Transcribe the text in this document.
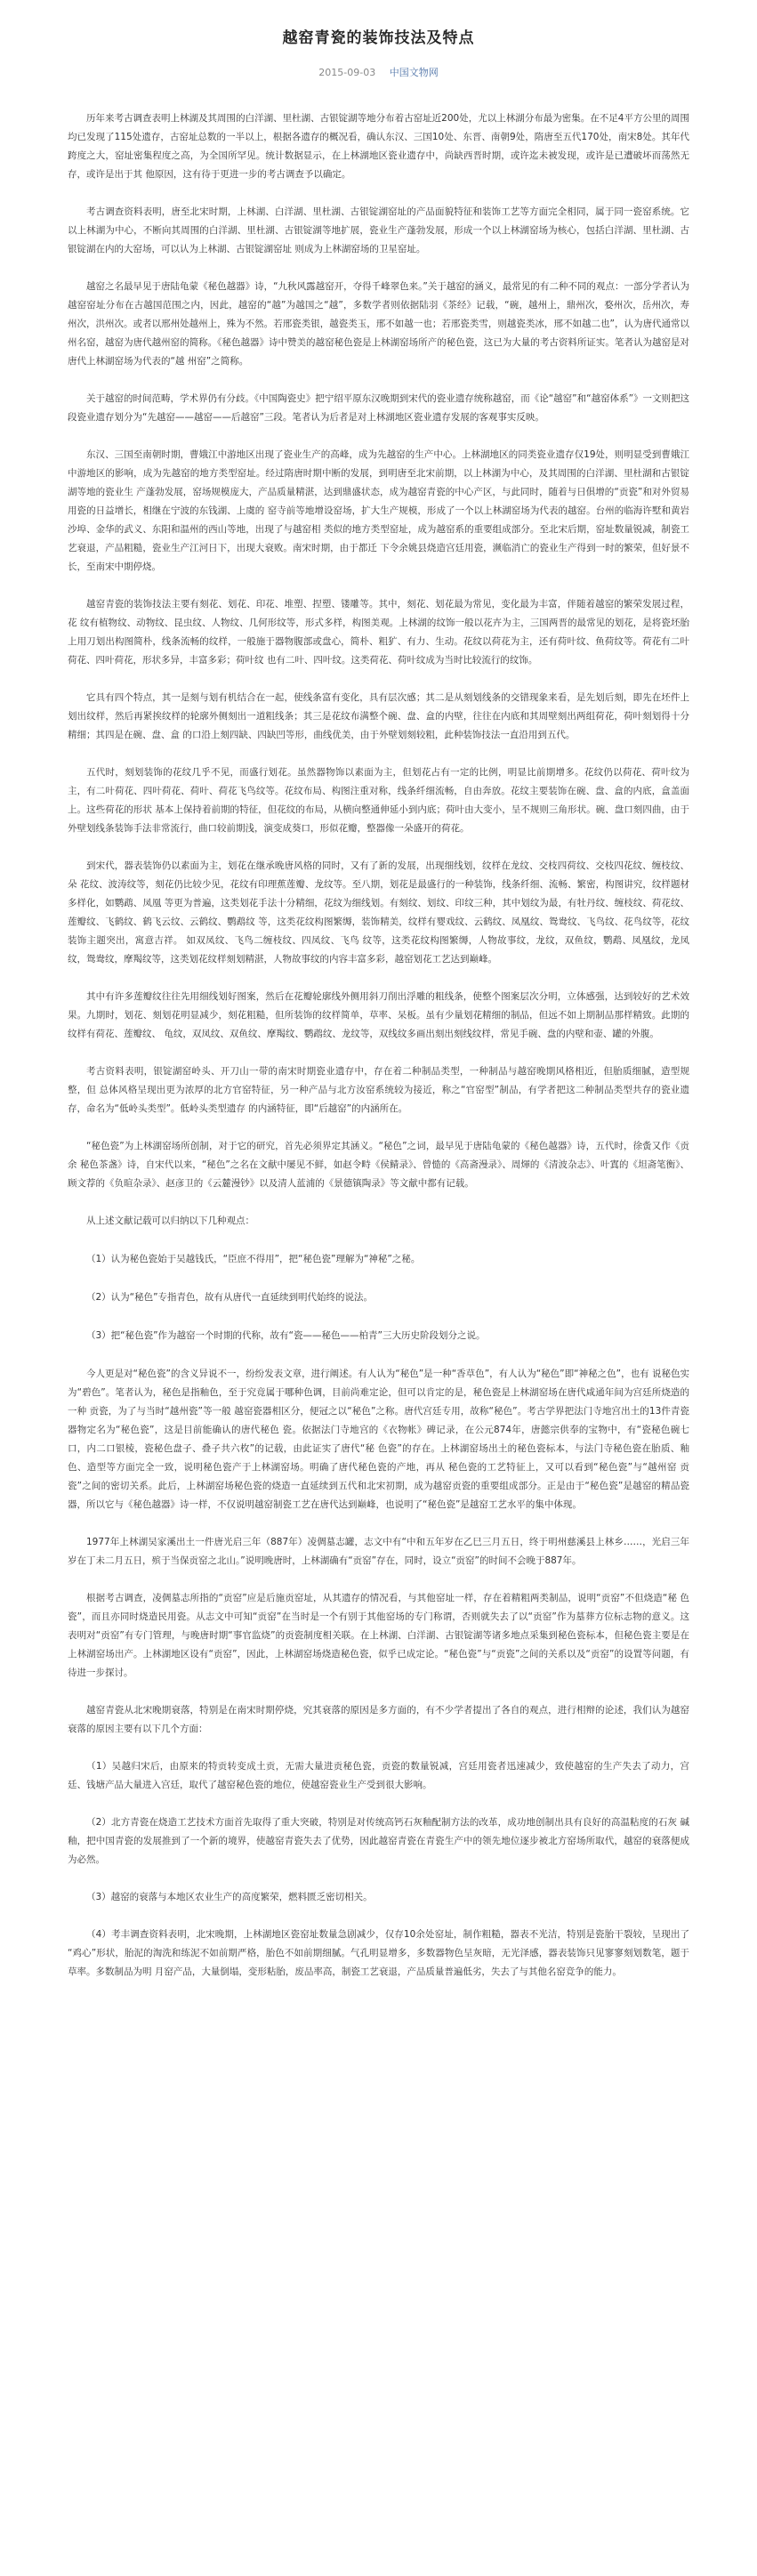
越窑青瓷的装饰技法及特点
2015-09-03 中国文物网

历年来考古调查表明上林湖及其周围的白洋湖、里杜湖、古银锭湖等地分布着古窑址近200处，尤以上林湖分布最为密集。在不足4平方公里的周围均已发现了115处遗存，古窑址总数的一半以上，根据各遗存的概况看，确认东汉、三国10处、东晋、南朝9处，隋唐至五代170处，南宋8处。其年代跨度之大，窑址密集程度之高，为全国所罕见。统计数据显示，在上林湖地区瓷业遗存中，尚缺西晋时期，或许迄未被发现，或许是已遭破坏而荡然无存，或许是出于其 他原因，这有待于更进一步的考古调查予以确定。

考古调查资料表明，唐至北宋时期，上林湖、白洋湖、里杜湖、古银锭湖窑址的产品面貌特征和装饰工艺等方面完全相同，属于同一瓷窑系统。它以上林湖为中心，不断向其周围的白洋湖、里杜湖、古银锭湖等地扩展，瓷业生产蓬勃发展，形成一个以上林湖窑场为核心，包括白洋湖、里杜湖、古银锭湖在内的大窑场，可以认为上林湖、古银锭湖窑址 则成为上林湖窑场的卫星窑址。

越窑之名最早见于唐陆龟蒙《秘色越器》诗，“九秋风露越窑开，夺得千峰翠色来。”关于越窑的涵义，最常见的有二种不同的观点：一部分学者认为越窑窑址分布在古越国范围之内，因此，越窑的“越”为越国之“越”，多数学者则依据陆羽《茶经》记载，“碗，越州上，鼎州次，婺州次，岳州次，寿州次，洪州次。或者以邢州处越州上，殊为不然。若邢瓷类银，越瓷类玉，邢不如越一也；若邢瓷类雪，则越瓷类冰，邢不如越二也”，认为唐代通常以州名窑，越窑为唐代越州窑的简称。《秘色越器》诗中赞美的越窑秘色瓷是上林湖窑场所产的秘色瓷，这已为大量的考古资料所证实。笔者认为越窑是对唐代上林湖窑场为代表的“越 州窑”之简称。

关于越窑的时间范畴，学术界仍有分歧。《中国陶瓷史》把宁绍平原东汉晚期到宋代的瓷业遗存统称越窑，而《论“越窑”和“越窑体系”》一文则把这段瓷业遗存划分为“先越窑——越窑——后越窑”三段。笔者认为后者是对上林湖地区瓷业遗存发展的客观事实反映。

东汉、三国至南朝时期，曹娥江中游地区出现了瓷业生产的高峰，成为先越窑的生产中心。上林湖地区的同类瓷业遗存仅19处，则明显受到曹娥江 中游地区的影响，成为先越窑的地方类型窑址。经过隋唐时期中断的发展，到明唐至北宋前期，以上林湖为中心，及其周围的白洋湖、里杜湖和古银锭湖等地的瓷业生 产蓬勃发展，窑场规模庞大，产品质量精湛，达到鼎盛状态，成为越窑青瓷的中心产区，与此同时，随着与日俱增的“贡瓷”和对外贸易用瓷的日益增长，相继在宁波的东钱湖、上虞的 窑寺前等地增设窑场，扩大生产规模，形成了一个以上林湖窑场为代表的越窑。台州的临海许墅和黄岩沙埠、金华的武义、东阳和温州的西山等地，出现了与越窑相 类似的地方类型窑址，成为越窑系的重要组成部分。至北宋后期，窑址数量锐减，制瓷工艺衰退，产品粗糙，瓷业生产江河日下，出现大衰败。南宋时期，由于都迁 下令余姚县烧造宫廷用瓷，濒临消亡的瓷业生产得到一时的繁荣，但好景不长，至南宋中期停烧。

越窑青瓷的装饰技法主要有刻花、划花、印花、堆塑、捏塑、镂雕等。其中，刻花、划花最为常见，变化最为丰富，伴随着越窑的繁荣发展过程，花 纹有植物纹、动物纹、昆虫纹、人物纹、几何形纹等，形式多样，构图美观。上林湖的纹饰一般以花卉为主，三国两晋的最常见的划花，是将瓷坯胎上用刀划出构图简朴，线条流畅的纹样，一般施于器物腹部或盘心，简朴、粗犷、有力、生动。花纹以荷花为主，还有荷叶纹、鱼荷纹等。荷花有二叶荷花、四叶荷花，形状多异，丰富多彩；荷叶纹 也有二叶、四叶纹。这类荷花、荷叶纹成为当时比较流行的纹饰。

它具有四个特点，其一是刻与划有机结合在一起，使线条富有变化，具有层次感；其二是从刻划线条的交错现象来看，是先划后刻，即先在坯件上 划出纹样，然后再紧挨纹样的轮廓外侧刻出一道粗线条；其三是花纹布满整个碗、盘、盒的内壁，往往在内底和其周壁刻出两组荷花，荷叶刻划得十分精细；其四是在碗、盘、盒 的口沿上刻四缺、四缺凹等形，曲线优美，由于外壁划刻较粗，此种装饰技法一直沿用到五代。

五代时，刻划装饰的花纹几乎不见，而盛行划花。虽然器物饰以素面为主，但划花占有一定的比例，明显比前期增多。花纹仍以荷花、荷叶纹为主，有二叶荷花、四叶荷花、荷叶、荷花飞鸟纹等。花纹布局、构图注重对称，线条纤细流畅，自由奔放。花纹主要装饰在碗、盘、盒的内底，盒盖面上。这些荷花的形状 基本上保持着前期的特征，但花纹的布局，从横向整通伸延小到内底；荷叶由大变小，呈不规则三角形状。碗、盘口刻四曲，由于外壁划线条装饰手法非常流行，曲口较前期浅，演变成葵口，形似花瓣，整器像一朵盛开的荷花。

到宋代，器表装饰仍以素面为主，划花在继承晚唐风格的同时，又有了新的发展，出现细线划，纹样在龙纹、交枝四荷纹、交枝四花纹、缠枝纹、朵 花纹、波涛纹等，刻花仍比较少见，花纹有印理蕉莲瓣、龙纹等。至八期，划花是最盛行的一种装饰，线条纤细、流畅、繁密，构图讲究，纹样题材多样化，如鹦鹉、凤凰 等更为普遍，这类划花手法十分精细，花纹为细线划。有刻纹、划纹、印纹三种，其中划纹为最，有牡丹纹、缠枝纹、荷花纹、莲瓣纹、飞鹤纹、鹤飞云纹、云鹤纹、鹦鹉纹 等，这类花纹构图繁缛，装饰精美，纹样有婴戏纹、云鹤纹、凤凰纹、鸳鸯纹、飞鸟纹、花鸟纹等，花纹装饰主题突出，寓意吉祥。 如双凤纹、飞鸟二缠枝纹、四凤纹、飞鸟 纹等，这类花纹构图繁缛，人物故事纹，龙纹，双鱼纹，鹦鹉、凤凰纹，龙凤纹，鸳鸯纹，摩羯纹等，这类划花纹样刻划精湛，人物故事纹的内容丰富多彩，越窑划花工艺达到巅峰。

其中有许多莲瓣纹往往先用细线划好图案，然后在花瓣轮廓线外侧用斜刀削出浮雕的粗线条，使整个图案层次分明，立体感强，达到较好的艺术效 果。九期时，划花、刻划花明显减少，刻花粗糙，但所装饰的纹样简单，草率、呆板。虽有少量划花精细的制品，但远不如上期制品那样精致。此期的纹样有荷花、莲瓣纹、 龟纹，双凤纹、双鱼纹、摩羯纹、鹦鹉纹、龙纹等，双线纹多画出刻出刻线纹样，常见手碗、盘的内壁和壶、罐的外腹。

考古资料表明，银锭湖窑岭头、开刀山一带的南宋时期瓷业遗存中，存在着二种制品类型，一种制品与越窑晚期风格相近，但胎质细腻，造型规整，但 总体风格呈现出更为浓厚的北方官窑特征，另一种产品与北方汝窑系统较为接近，称之“官窑型”制品，有学者把这二种制品类型共存的瓷业遗存，命名为“低岭头类型”。低岭头类型遗存 的内涵特征，即“后越窑”的内涵所在。

“秘色瓷”为上林湖窑场所创制，对于它的研究，首先必须界定其涵义。“秘色”之词，最早见于唐陆龟蒙的《秘色越器》诗，五代时，徐夤又作《贡余 秘色茶盏》诗，自宋代以来，“秘色”之名在文献中屡见不鲜，如赵令畤《侯鲭录》、曾慥的《高斋漫录》、周煇的《清波杂志》、叶寘的《坦斋笔衡》、顾文荐的《负暄杂录》、赵彦卫的《云麓漫钞》以及清人蓝浦的《景德镇陶录》等文献中都有记载。

从上述文献记载可以归纳以下几种观点：

（1）认为秘色瓷始于吴越钱氏，“臣庶不得用”，把“秘色瓷”理解为“神秘”之秘。

（2）认为“秘色”专指青色，故有从唐代一直延续到明代始终的说法。

（3）把“秘色瓷”作为越窑一个时期的代称，故有“瓷——秘色——柏青”三大历史阶段划分之说。

今人更是对“秘色瓷”的含义异说不一，纷纷发表文章，进行阐述。有人认为“秘色”是一种“香草色”，有人认为“秘色”即“神秘之色”，也有 说秘色实为“碧色”。笔者认为，秘色是指釉色，至于究竟属于哪种色调，目前尚难定论，但可以肯定的是，秘色瓷是上林湖窑场在唐代咸通年间为宫廷所烧造的一种 贡瓷，为了与当时“越州瓷”等一般 越窑瓷器相区分，便冠之以“秘色”之称。唐代宫廷专用，故称“秘色”。考古学界把法门寺地宫出土的13件青瓷器物定名为“秘色瓷”，这是目前能确认的唐代秘色 瓷。依据法门寺地宫的《衣物帐》碑记录，在公元874年，唐懿宗供奉的宝物中，有“瓷秘色碗七口，内二口银棱，瓷秘色盘子、叠子共六枚”的记载，由此证实了唐代“秘 色瓷”的存在。上林湖窑场出土的秘色瓷标本，与法门寺秘色瓷在胎质、釉色、造型等方面完全一致，说明秘色瓷产于上林湖窑场。明确了唐代秘色瓷的产地，再从 秘色瓷的工艺特征上，又可以看到“秘色瓷”与“越州窑 贡瓷”之间的密切关系。此后，上林湖窑场秘色瓷的烧造一直延续到五代和北宋初期，成为越窑贡瓷的重要组成部分。正是由于“秘色瓷”是越窑的精品瓷器，所以它与《秘色越器》诗一样，不仅说明越窑制瓷工艺在唐代达到巅峰，也说明了“秘色瓷”是越窑工艺水平的集中体现。

1977年上林湖吴家溪出土一件唐光启三年（887年）凌倜墓志罐，志文中有“中和五年岁在乙巳三月五日，终于明州慈溪县上林乡……，光启三年岁在丁未二月五日，殡于当保贡窑之北山。”说明晚唐时，上林湖确有“贡窑”存在，同时，设立“贡窑”的时间不会晚于887年。

根据考古调查，凌倜墓志所指的“贡窑”应是后施贡窑址，从其遗存的情况看，与其他窑址一样，存在着精粗两类制品，说明“贡窑”不但烧造“秘 色瓷”，而且亦同时烧造民用瓷。从志文中可知“贡窑”在当时是一个有别于其他窑场的专门称谓，否则就失去了以“贡窑”作为墓葬方位标志物的意义。这表明对“贡窑”有专门管理，与晚唐时期“事官监烧”的贡瓷制度相关联。在上林湖、白洋湖、古银锭湖等诸多地点采集到秘色瓷标本，但秘色瓷主要是在上林湖窑场出产。上林湖地区设有“贡窑”，因此，上林湖窑场烧造秘色瓷，似乎已成定论。“秘色瓷”与“贡瓷”之间的关系以及“贡窑”的设置等问题，有待进一步探讨。

越窑青瓷从北宋晚期衰落，特别是在南宋时期停烧，究其衰落的原因是多方面的，有不少学者提出了各自的观点，进行相辩的论述，我们认为越窑衰落的原因主要有以下几个方面：

（1）吴越归宋后，由原来的特贡转变成土贡，无需大量进贡秘色瓷，贡瓷的数量锐减，宫廷用瓷者迅速减少，致使越窑的生产失去了动力，宫 廷、钱塘产品大量进入宫廷，取代了越窑秘色瓷的地位，使越窑瓷业生产受到很大影响。

（2）北方青瓷在烧造工艺技术方面首先取得了重大突破，特别是对传统高钙石灰釉配制方法的改革，成功地创制出具有良好的高温粘度的石灰 碱釉，把中国青瓷的发展推到了一个新的境界，使越窑青瓷失去了优势，因此越窑青瓷在青瓷生产中的领先地位逐步被北方窑场所取代，越窑的衰落便成为必然。

（3）越窑的衰落与本地区农业生产的高度繁荣，燃料匮乏密切相关。

（4）考丰调查资料表明，北宋晚期，上林湖地区瓷窑址数量急剧减少，仅存10余处窑址，制作粗糙，器表不光洁，特别是瓷胎干裂较，呈现出了 “鸡心”形状，胎泥的淘洗和练泥不如前期严格，胎色不如前期细腻。气孔明显增多，多数器物色呈灰暗，无光泽感，器表装饰只见寥寥刻划数笔，题于草率。多数制品为明 月窑产品，大量倒塌，变形粘胎，废品率高，制瓷工艺衰退，产品质量普遍低劣，失去了与其他名窑竞争的能力。
